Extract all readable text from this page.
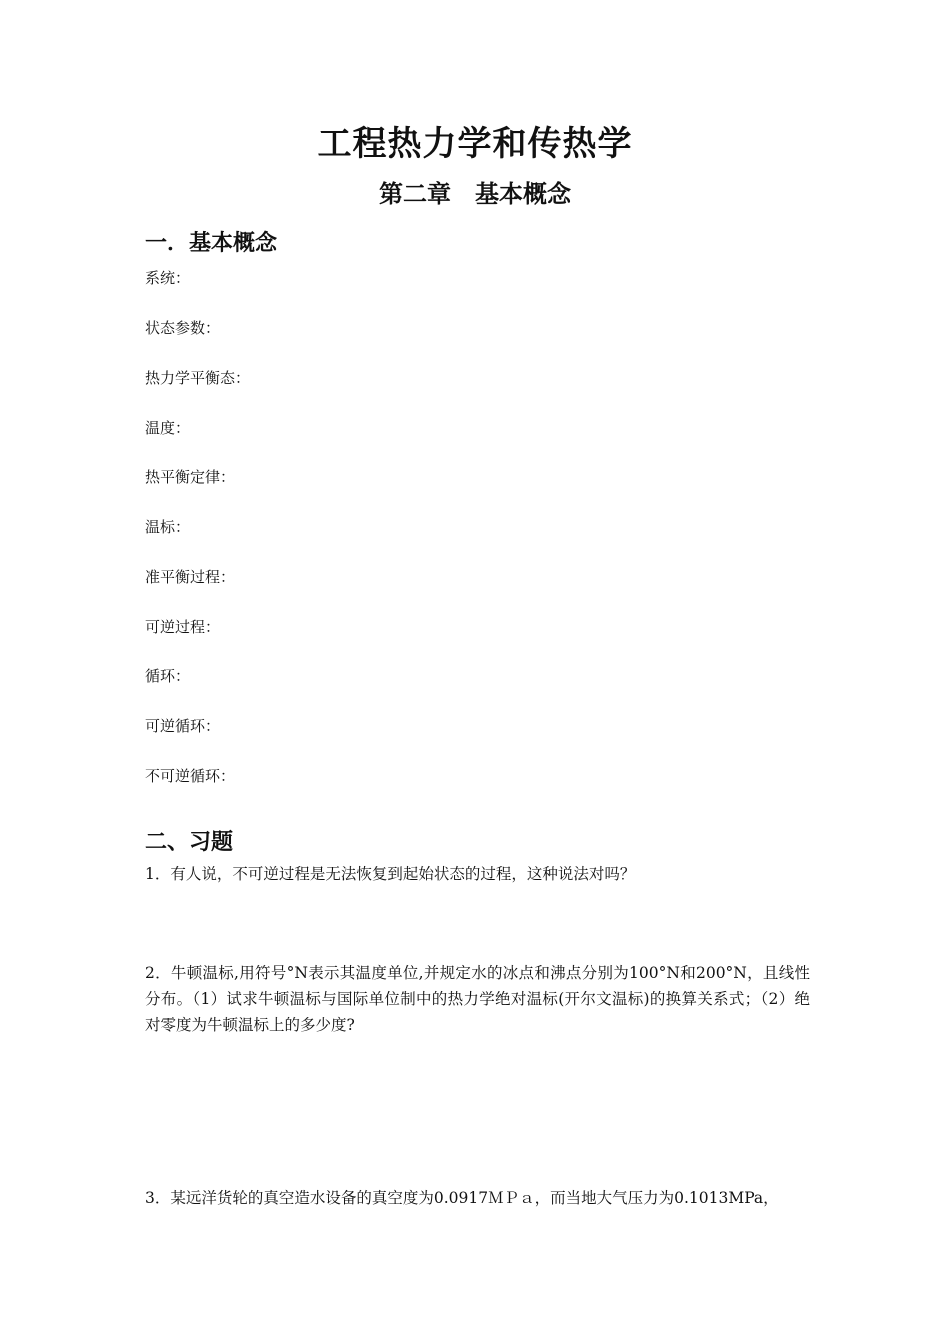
工程热力学和传热学
第二章　基本概念
一．基本概念

系统：

状态参数：

热力学平衡态：

温度：

热平衡定律：

温标：

准平衡过程：

可逆过程：

循环：

可逆循环：

不可逆循环：

二、习题

1．有人说，不可逆过程是无法恢复到起始状态的过程，这种说法对吗？

2．牛顿温标,用符号°N表示其温度单位,并规定水的冰点和沸点分别为100°N和200°N，且线性分布。（1）试求牛顿温标与国际单位制中的热力学绝对温标(开尔文温标)的换算关系式；（2）绝对零度为牛顿温标上的多少度?

3．某远洋货轮的真空造水设备的真空度为0.0917ＭＰａ，而当地大气压力为0.1013MPa，
